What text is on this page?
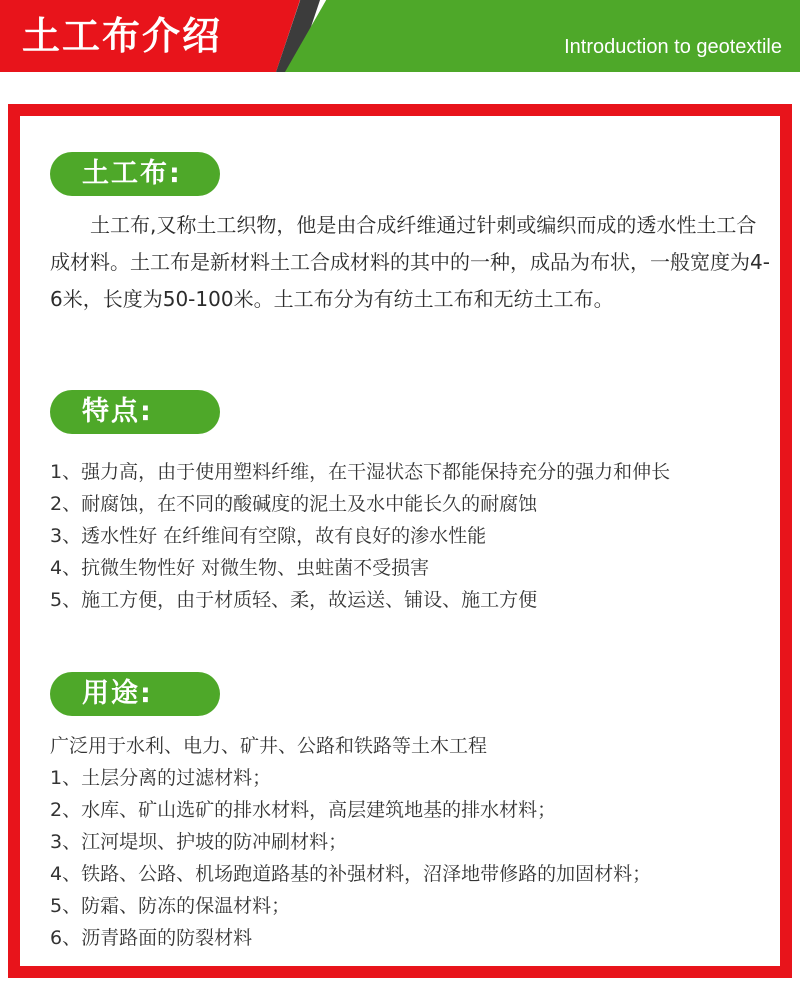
土工布介绍	Introduction to geotextile
土工布:

土工布,又称土工织物，他是由合成纤维通过针刺或编织而成的透水性土工合成材料。土工布是新材料土工合成材料的其中的一种，成品为布状，一般宽度为4-6米，长度为50-100米。土工布分为有纺土工布和无纺土工布。

特点:
1、强力高，由于使用塑料纤维，在干湿状态下都能保持充分的强力和伸长
2、耐腐蚀，在不同的酸碱度的泥土及水中能长久的耐腐蚀
3、透水性好 在纤维间有空隙，故有良好的渗水性能
4、抗微生物性好 对微生物、虫蛀菌不受损害
5、施工方便，由于材质轻、柔，故运送、铺设、施工方便
用途:
广泛用于水利、电力、矿井、公路和铁路等土木工程
1、土层分离的过滤材料；
2、水库、矿山选矿的排水材料，高层建筑地基的排水材料；
3、江河堤坝、护坡的防冲刷材料；
4、铁路、公路、机场跑道路基的补强材料，沼泽地带修路的加固材料；
5、防霜、防冻的保温材料；
6、沥青路面的防裂材料
